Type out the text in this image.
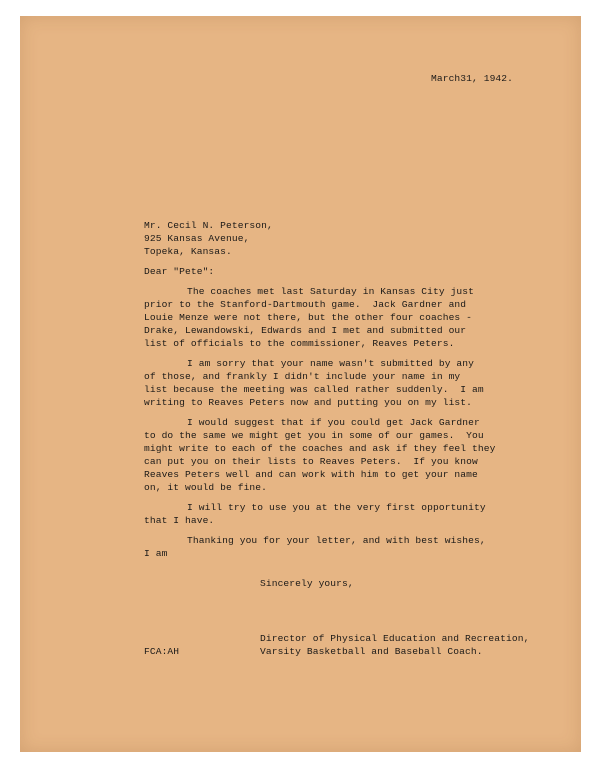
March31, 1942.
Mr. Cecil N. Peterson,
925 Kansas Avenue,
Topeka, Kansas.
Dear "Pete":
The coaches met last Saturday in Kansas City just
prior to the Stanford-Dartmouth game.  Jack Gardner and
Louie Menze were not there, but the other four coaches -
Drake, Lewandowski, Edwards and I met and submitted our
list of officials to the commissioner, Reaves Peters.
I am sorry that your name wasn't submitted by any
of those, and frankly I didn't include your name in my
list because the meeting was called rather suddenly.  I am
writing to Reaves Peters now and putting you on my list.
I would suggest that if you could get Jack Gardner
to do the same we might get you in some of our games.  You
might write to each of the coaches and ask if they feel they
can put you on their lists to Reaves Peters.  If you know
Reaves Peters well and can work with him to get your name
on, it would be fine.
I will try to use you at the very first opportunity
that I have.
Thanking you for your letter, and with best wishes,
I am
Sincerely yours,
Director of Physical Education and Recreation,
FCA:AH	Varsity Basketball and Baseball Coach.
